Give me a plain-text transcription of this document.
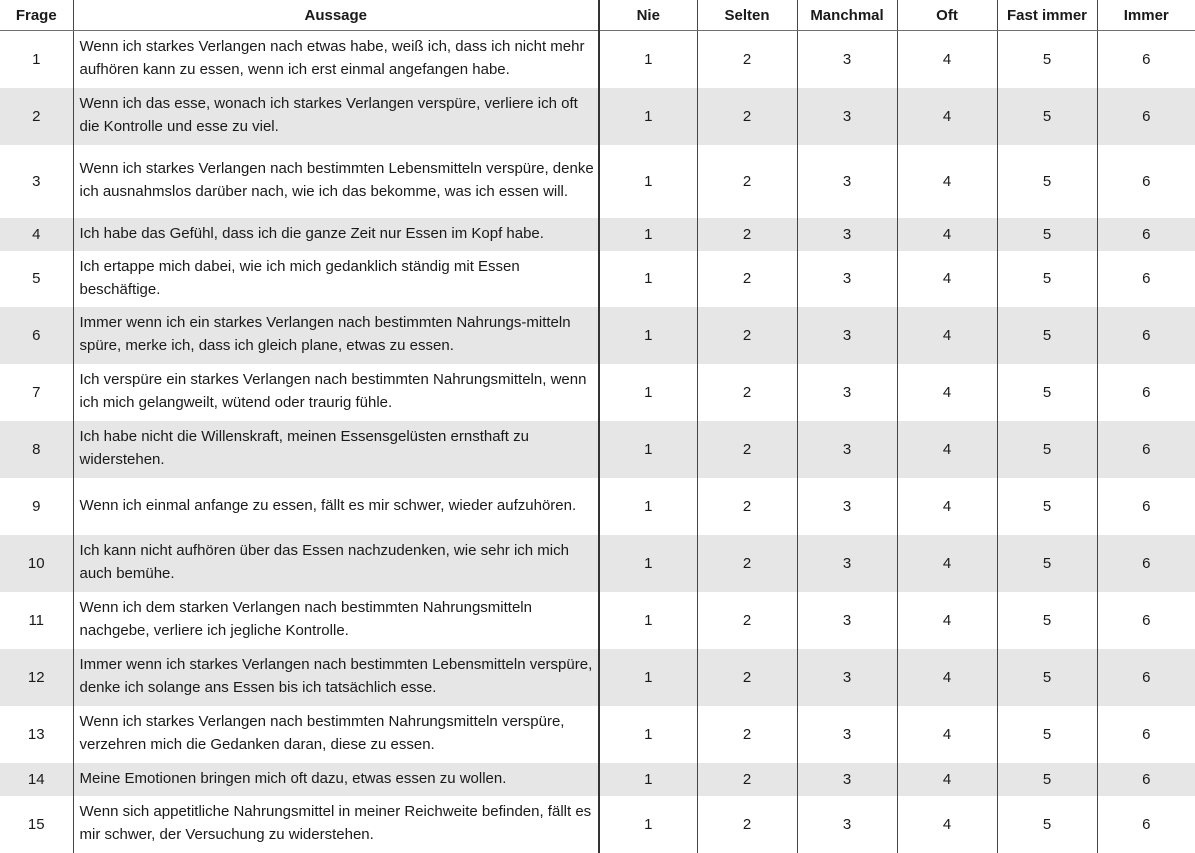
Frage	Aussage	Nie	Selten	Manchmal	Oft	Fast immer	Immer
1	Wenn ich starkes Verlangen nach etwas habe, weiß ich, dass ich nicht mehr aufhören kann zu essen, wenn ich erst einmal angefangen habe.	1	2	3	4	5	6
2	Wenn ich das esse, wonach ich starkes Verlangen verspüre, verliere ich oft die Kontrolle und esse zu viel.	1	2	3	4	5	6
3	Wenn ich starkes Verlangen nach bestimmten Lebensmitteln verspüre, denke ich ausnahmslos darüber nach, wie ich das bekomme, was ich essen will.	1	2	3	4	5	6
4	Ich habe das Gefühl, dass ich die ganze Zeit nur Essen im Kopf habe.	1	2	3	4	5	6
5	Ich ertappe mich dabei, wie ich mich gedanklich ständig mit Essen beschäftige.	1	2	3	4	5	6
6	Immer wenn ich ein starkes Verlangen nach bestimmten Nahrungs-mitteln spüre, merke ich, dass ich gleich plane, etwas zu essen.	1	2	3	4	5	6
7	Ich verspüre ein starkes Verlangen nach bestimmten Nahrungsmitteln, wenn ich mich gelangweilt, wütend oder traurig fühle.	1	2	3	4	5	6
8	Ich habe nicht die Willenskraft, meinen Essensgelüsten ernsthaft zu widerstehen.	1	2	3	4	5	6
9	Wenn ich einmal anfange zu essen, fällt es mir schwer, wieder aufzuhören.	1	2	3	4	5	6
10	Ich kann nicht aufhören über das Essen nachzudenken, wie sehr ich mich auch bemühe.	1	2	3	4	5	6
11	Wenn ich dem starken Verlangen nach bestimmten Nahrungsmitteln nachgebe, verliere ich jegliche Kontrolle.	1	2	3	4	5	6
12	Immer wenn ich starkes Verlangen nach bestimmten Lebensmitteln verspüre, denke ich solange ans Essen bis ich tatsächlich esse.	1	2	3	4	5	6
13	Wenn ich starkes Verlangen nach bestimmten Nahrungsmitteln verspüre, verzehren mich die Gedanken daran, diese zu essen.	1	2	3	4	5	6
14	Meine Emotionen bringen mich oft dazu, etwas essen zu wollen.	1	2	3	4	5	6
15	Wenn sich appetitliche Nahrungsmittel in meiner Reichweite befinden, fällt es mir schwer, der Versuchung zu widerstehen.	1	2	3	4	5	6
